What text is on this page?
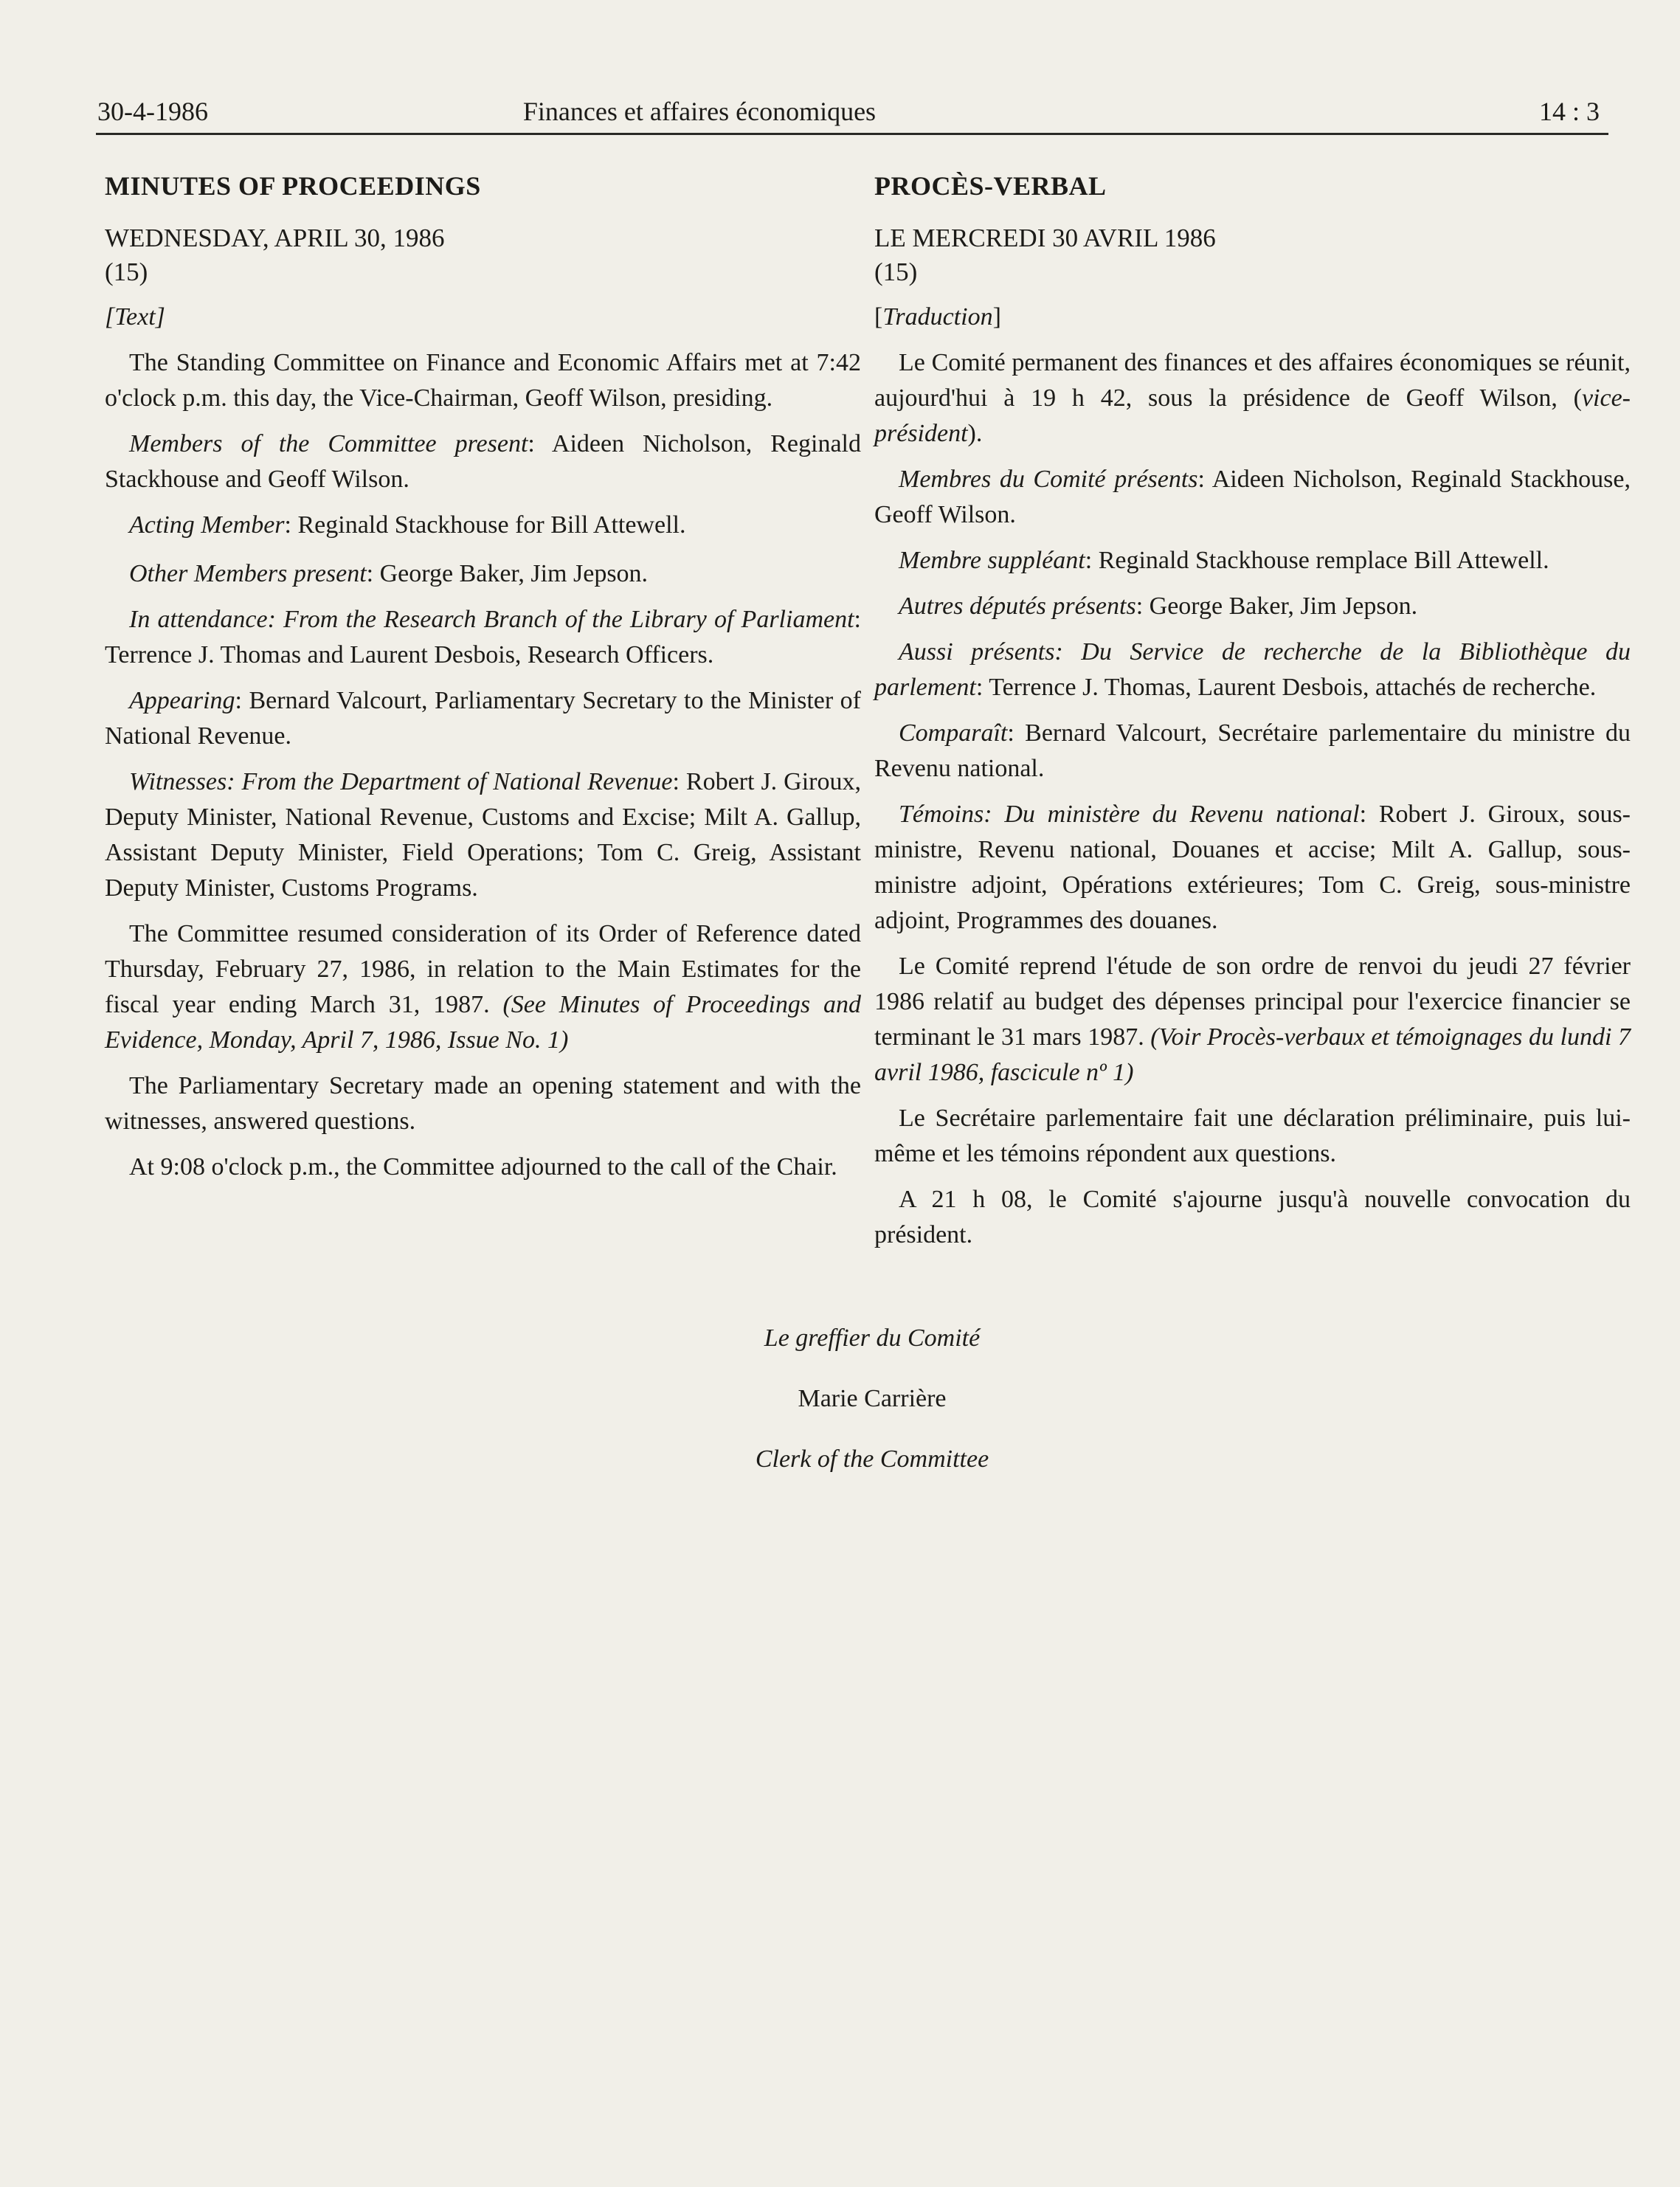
30-4-1986	Finances et affaires économiques	14 : 3
MINUTES OF PROCEEDINGS
WEDNESDAY, APRIL 30, 1986
(15)
[Text]

The Standing Committee on Finance and Economic Affairs met at 7:42 o'clock p.m. this day, the Vice-Chairman, Geoff Wilson, presiding.

Members of the Committee present: Aideen Nicholson, Reginald Stackhouse and Geoff Wilson.

Acting Member: Reginald Stackhouse for Bill Attewell.

Other Members present: George Baker, Jim Jepson.

In attendance: From the Research Branch of the Library of Parliament: Terrence J. Thomas and Laurent Desbois, Research Officers.

Appearing: Bernard Valcourt, Parliamentary Secretary to the Minister of National Revenue.

Witnesses: From the Department of National Revenue: Robert J. Giroux, Deputy Minister, National Revenue, Customs and Excise; Milt A. Gallup, Assistant Deputy Minister, Field Operations; Tom C. Greig, Assistant Deputy Minister, Customs Programs.

The Committee resumed consideration of its Order of Reference dated Thursday, February 27, 1986, in relation to the Main Estimates for the fiscal year ending March 31, 1987. (See Minutes of Proceedings and Evidence, Monday, April 7, 1986, Issue No. 1)

The Parliamentary Secretary made an opening statement and with the witnesses, answered questions.

At 9:08 o'clock p.m., the Committee adjourned to the call of the Chair.

PROCÈS-VERBAL
LE MERCREDI 30 AVRIL 1986
(15)
[Traduction]

Le Comité permanent des finances et des affaires économiques se réunit, aujourd'hui à 19 h 42, sous la présidence de Geoff Wilson, (vice-président).

Membres du Comité présents: Aideen Nicholson, Reginald Stackhouse, Geoff Wilson.

Membre suppléant: Reginald Stackhouse remplace Bill Attewell.

Autres députés présents: George Baker, Jim Jepson.

Aussi présents: Du Service de recherche de la Bibliothèque du parlement: Terrence J. Thomas, Laurent Desbois, attachés de recherche.

Comparaît: Bernard Valcourt, Secrétaire parlementaire du ministre du Revenu national.

Témoins: Du ministère du Revenu national: Robert J. Giroux, sous-ministre, Revenu national, Douanes et accise; Milt A. Gallup, sous-ministre adjoint, Opérations extérieures; Tom C. Greig, sous-ministre adjoint, Programmes des douanes.

Le Comité reprend l'étude de son ordre de renvoi du jeudi 27 février 1986 relatif au budget des dépenses principal pour l'exercice financier se terminant le 31 mars 1987. (Voir Procès-verbaux et témoignages du lundi 7 avril 1986, fascicule nº 1)

Le Secrétaire parlementaire fait une déclaration préliminaire, puis lui-même et les témoins répondent aux questions.

A 21 h 08, le Comité s'ajourne jusqu'à nouvelle convocation du président.

Le greffier du Comité
Marie Carrière
Clerk of the Committee
